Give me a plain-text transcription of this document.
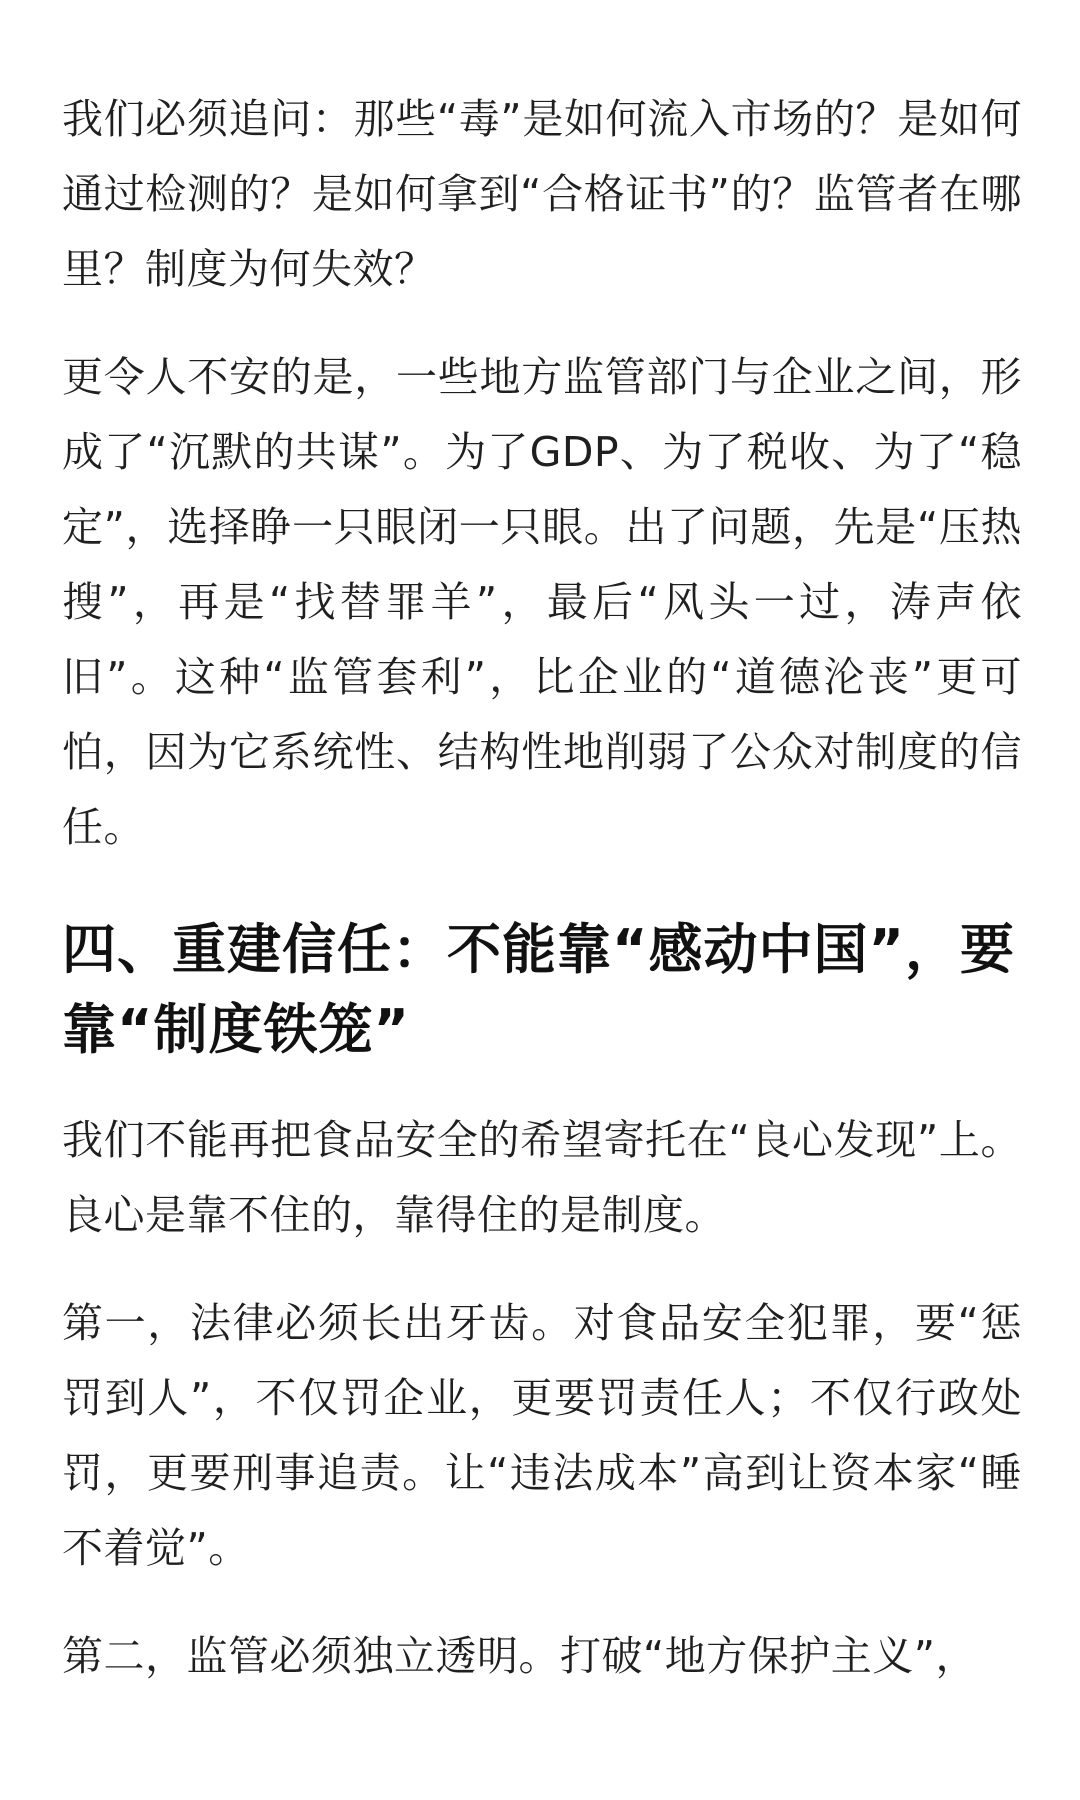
我们必须追问：那些“毒”是如何流入市场的？是如何通过检测的？是如何拿到“合格证书”的？监管者在哪里？制度为何失效？

更令人不安的是，一些地方监管部门与企业之间，形成了“沉默的共谋”。为了GDP、为了税收、为了“稳定”，选择睁一只眼闭一只眼。出了问题，先是“压热搜”，再是“找替罪羊”，最后“风头一过，涛声依旧”。这种“监管套利”，比企业的“道德沦丧”更可怕，因为它系统性、结构性地削弱了公众对制度的信任。

四、重建信任：不能靠“感动中国”，要靠“制度铁笼”

我们不能再把食品安全的希望寄托在“良心发现”上。良心是靠不住的，靠得住的是制度。

第一，法律必须长出牙齿。对食品安全犯罪，要“惩罚到人”，不仅罚企业，更要罚责任人；不仅行政处罚，更要刑事追责。让“违法成本”高到让资本家“睡不着觉”。

第二，监管必须独立透明。打破“地方保护主义”，
